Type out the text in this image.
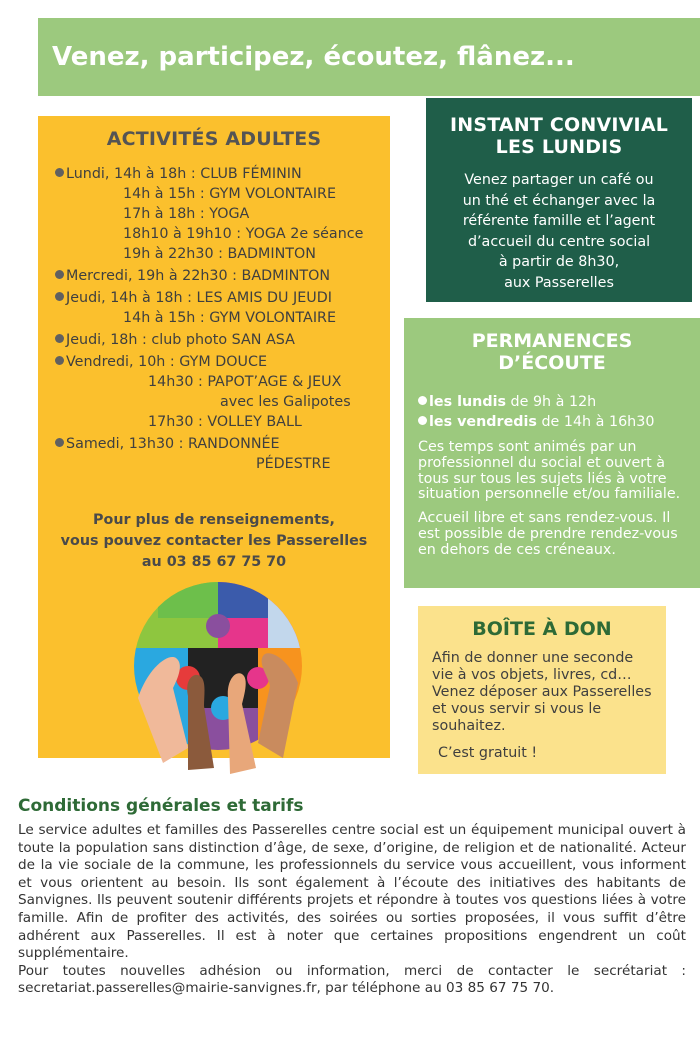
Venez, participez, écoutez, flânez...
ACTIVITÉS ADULTES
Lundi, 14h à 18h : CLUB FÉMININ
14h à 15h : GYM VOLONTAIRE
17h à 18h : YOGA
18h10 à 19h10 : YOGA 2e séance
19h à 22h30 : BADMINTON
Mercredi, 19h à 22h30 : BADMINTON
Jeudi, 14h à 18h : LES AMIS DU JEUDI
14h à 15h : GYM VOLONTAIRE
Jeudi, 18h : club photo SAN ASA
Vendredi, 10h : GYM DOUCE
14h30 : PAPOT’AGE & JEUX
avec les Galipotes
17h30 : VOLLEY BALL
Samedi, 13h30 : RANDONNÉE
PÉDESTRE
Pour plus de renseignements,
vous pouvez contacter les Passerelles
au 03 85 67 75 70
INSTANT CONVIVIAL
LES LUNDIS

Venez partager un café ou
un thé et échanger avec la
référente famille et l’agent
d’accueil du centre social
à partir de 8h30,
aux Passerelles

PERMANENCES
D’ÉCOUTE
les lundis de 9h à 12h
les vendredis de 14h à 16h30

Ces temps sont animés par un professionnel du social et ouvert à tous sur tous les sujets liés à votre situation personnelle et/ou familiale.

Accueil libre et sans rendez-vous. Il est possible de prendre rendez-vous en dehors de ces créneaux.

BOÎTE À DON

Afin de donner une seconde vie à vos objets, livres, cd… Venez déposer aux Passerelles et vous servir si vous le souhaitez.

C’est gratuit !
Conditions générales et tarifs

Le service adultes et familles des Passerelles centre social est un équipement municipal ouvert à toute la population sans distinction d’âge, de sexe, d’origine, de religion et de nationalité. Acteur de la vie sociale de la commune, les professionnels du service vous accueillent, vous informent et vous orientent au besoin. Ils sont également à l’écoute des initiatives des habitants de Sanvignes. Ils peuvent soutenir différents projets et répondre à toutes vos questions liées à votre famille. Afin de profiter des activités, des soirées ou sorties proposées, il vous suffit d’être adhérent aux Passerelles. Il est à noter que certaines propositions engendrent un coût supplémentaire.

Pour toutes nouvelles adhésion ou information, merci de contacter le secrétariat : secretariat.passerelles@mairie-sanvignes.fr, par téléphone au 03 85 67 75 70.
